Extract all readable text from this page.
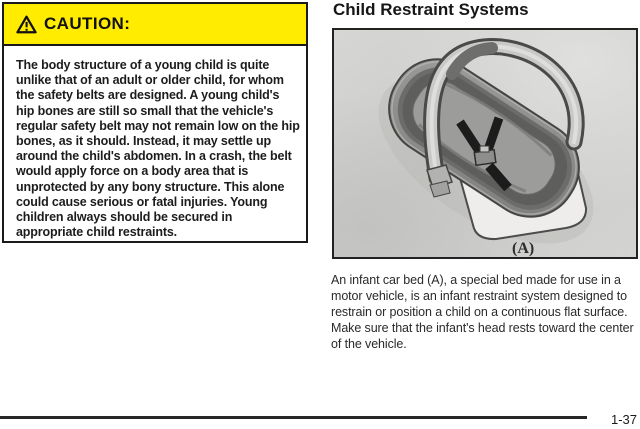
CAUTION:
The body structure of a young child is quite unlike that of an adult or older child, for whom the safety belts are designed. A young child's hip bones are still so small that the vehicle's regular safety belt may not remain low on the hip bones, as it should. Instead, it may settle up around the child's abdomen. In a crash, the belt would apply force on a body area that is unprotected by any bony structure. This alone could cause serious or fatal injuries. Young children always should be secured in appropriate child restraints.
Child Restraint Systems
(A)

An infant car bed (A), a special bed made for use in a motor vehicle, is an infant restraint system designed to restrain or position a child on a continuous flat surface. Make sure that the infant's head rests toward the center of the vehicle.

1-37
